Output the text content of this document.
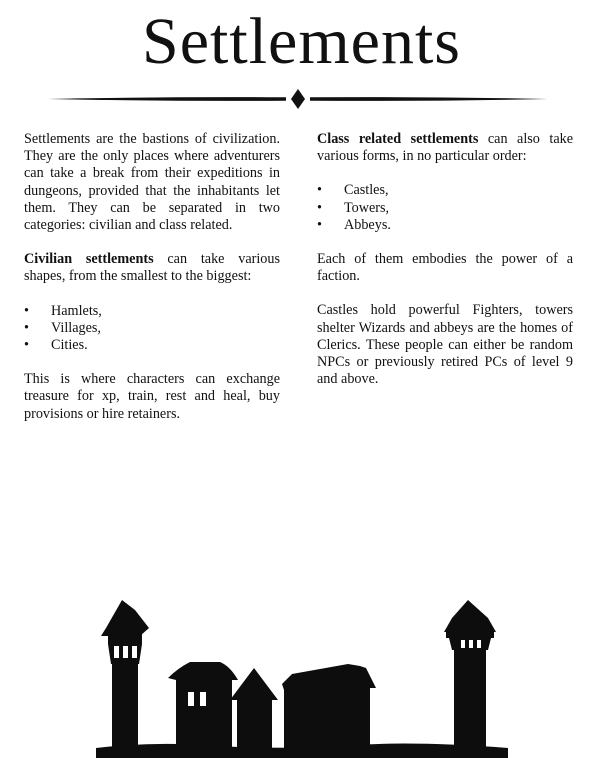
Settlements

Settlements are the bastions of civilization. They are the only places where adventurers can take a break from their expeditions in dungeons, provided that the inhabitants let them. They can be separated in two categories: civilian and class related.

Civilian settlements can take various shapes, from the smallest to the biggest:

• Hamlets,
• Villages,
• Cities.

This is where characters can exchange treasure for xp, train, rest and heal, buy provisions or hire retainers.

Class related settlements can also take various forms, in no particular order:

• Castles,
• Towers,
• Abbeys.

Each of them embodies the power of a faction.

Castles hold powerful Fighters, towers shelter Wizards and abbeys are the homes of Clerics. These people can either be random NPCs or previously retired PCs of level 9 and above.
